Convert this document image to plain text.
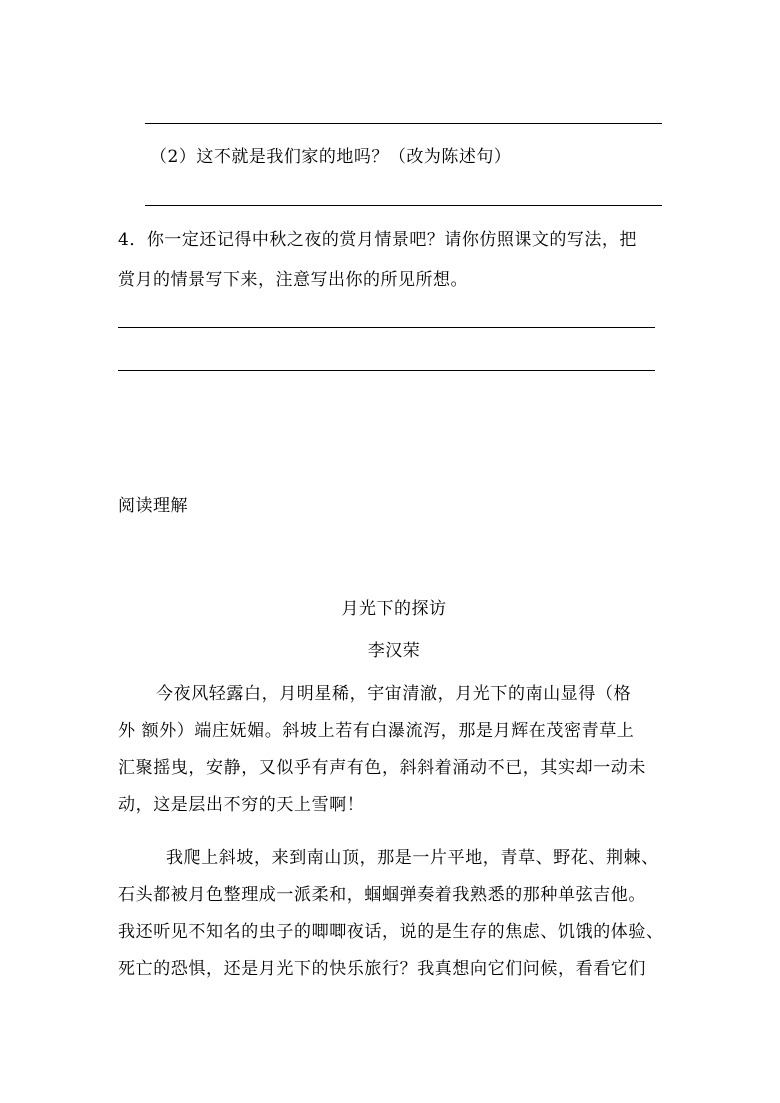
（2）这不就是我们家的地吗？（改为陈述句）
4．你一定还记得中秋之夜的赏月情景吧？请你仿照课文的写法，把
赏月的情景写下来，注意写出你的所见所想。
阅读理解
月光下的探访
李汉荣
今夜风轻露白，月明星稀，宇宙清澈，月光下的南山显得（格
外 额外）端庄妩媚。斜坡上若有白瀑流泻，那是月辉在茂密青草上
汇聚摇曳，安静，又似乎有声有色，斜斜着涌动不已，其实却一动未
动，这是层出不穷的天上雪啊！
我爬上斜坡，来到南山顶，那是一片平地，青草、野花、荆棘、
石头都被月色整理成一派柔和，蝈蝈弹奏着我熟悉的那种单弦吉他。
我还听见不知名的虫子的唧唧夜话，说的是生存的焦虑、饥饿的体验、
死亡的恐惧，还是月光下的快乐旅行？我真想向它们问候，看看它们
